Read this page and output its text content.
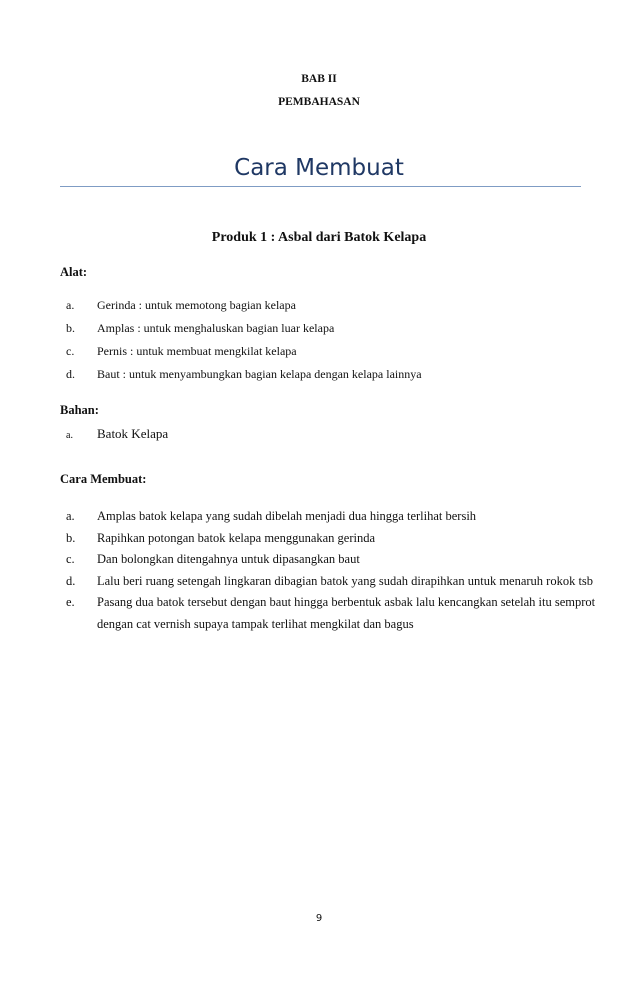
BAB II
PEMBAHASAN
Cara Membuat
Produk 1 : Asbal dari Batok Kelapa
Alat:
a. Gerinda : untuk memotong bagian kelapa
b. Amplas : untuk menghaluskan bagian luar kelapa
c. Pernis : untuk membuat mengkilat kelapa
d. Baut : untuk menyambungkan bagian kelapa dengan kelapa lainnya
Bahan:
a. Batok Kelapa
Cara Membuat:
a. Amplas batok kelapa yang sudah dibelah menjadi dua hingga terlihat bersih
b. Rapihkan potongan batok kelapa menggunakan gerinda
c. Dan bolongkan ditengahnya untuk dipasangkan baut
d. Lalu beri ruang setengah lingkaran dibagian batok yang sudah dirapihkan untuk menaruh rokok tsb
e. Pasang dua batok tersebut dengan baut hingga berbentuk asbak lalu kencangkan setelah itu semprot dengan cat vernish supaya tampak terlihat mengkilat dan bagus
9
